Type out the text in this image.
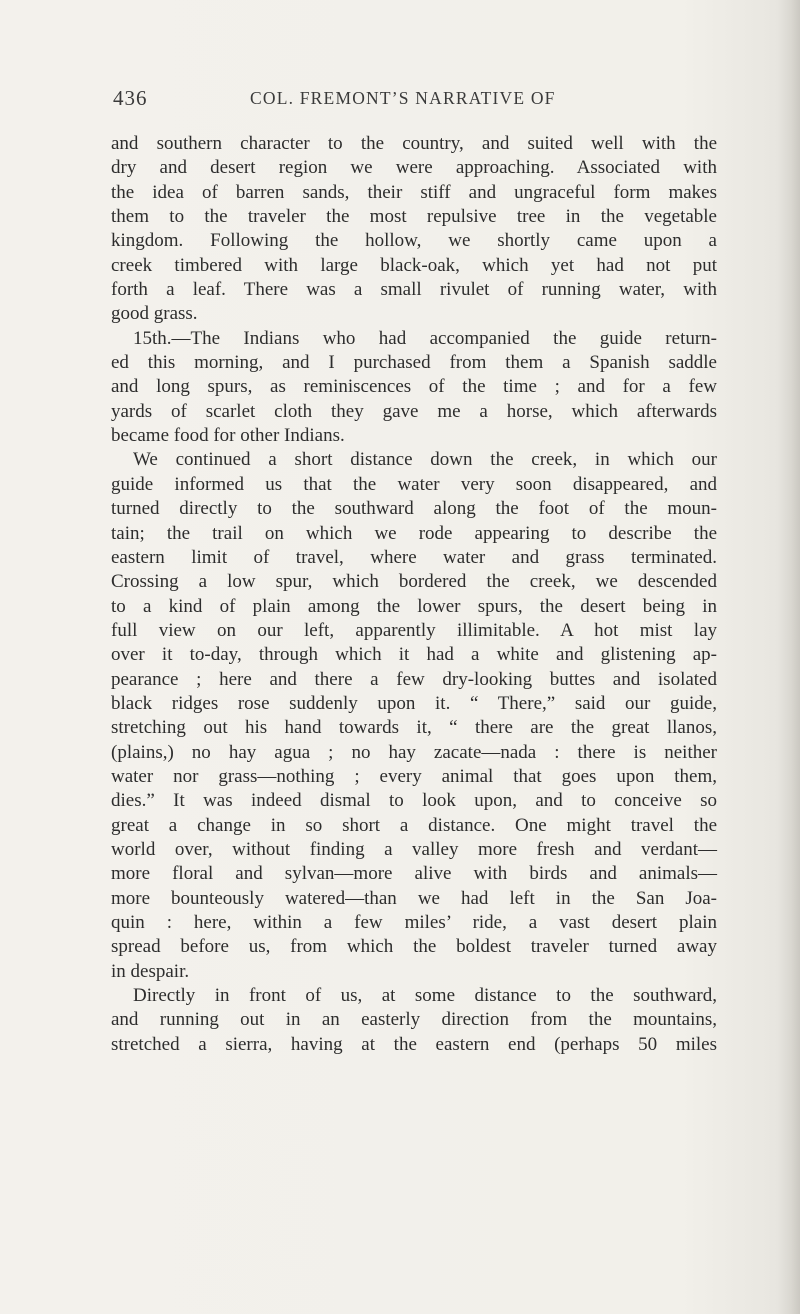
436	COL. FREMONT’S NARRATIVE OF
and southern character to the country, and suited well with the
dry and desert region we were approaching. Associated with
the idea of barren sands, their stiff and ungraceful form makes
them to the traveler the most repulsive tree in the vegetable
kingdom. Following the hollow, we shortly came upon a
creek timbered with large black-oak, which yet had not put
forth a leaf. There was a small rivulet of running water, with
good grass.
15th.—The Indians who had accompanied the guide return-
ed this morning, and I purchased from them a Spanish saddle
and long spurs, as reminiscences of the time ; and for a few
yards of scarlet cloth they gave me a horse, which afterwards
became food for other Indians.
We continued a short distance down the creek, in which our
guide informed us that the water very soon disappeared, and
turned directly to the southward along the foot of the moun-
tain; the trail on which we rode appearing to describe the
eastern limit of travel, where water and grass terminated.
Crossing a low spur, which bordered the creek, we descended
to a kind of plain among the lower spurs, the desert being in
full view on our left, apparently illimitable. A hot mist lay
over it to-day, through which it had a white and glistening ap-
pearance ; here and there a few dry-looking buttes and isolated
black ridges rose suddenly upon it. “ There,” said our guide,
stretching out his hand towards it, “ there are the great llanos,
(plains,) no hay agua ; no hay zacate—nada : there is neither
water nor grass—nothing ; every animal that goes upon them,
dies.” It was indeed dismal to look upon, and to conceive so
great a change in so short a distance. One might travel the
world over, without finding a valley more fresh and verdant—
more floral and sylvan—more alive with birds and animals—
more bounteously watered—than we had left in the San Joa-
quin : here, within a few miles’ ride, a vast desert plain
spread before us, from which the boldest traveler turned away
in despair.
Directly in front of us, at some distance to the southward,
and running out in an easterly direction from the mountains,
stretched a sierra, having at the eastern end (perhaps 50 miles
